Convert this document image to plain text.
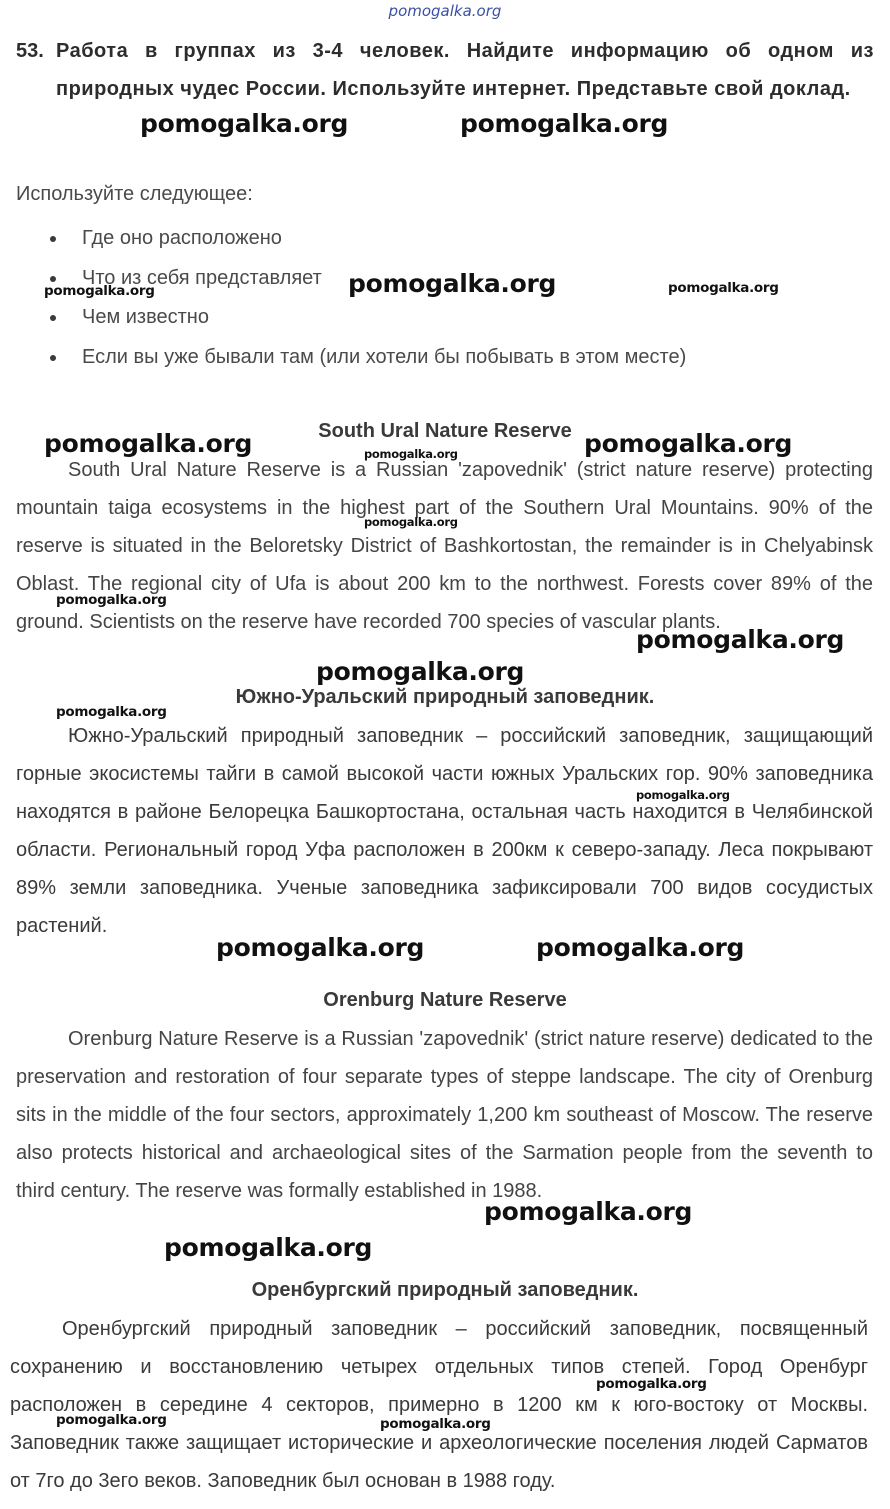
pomogalka.org
53. Работа в группах из 3-4 человек. Найдите информацию об одном из природных чудес России. Используйте интернет. Представьте свой доклад.
Используйте следующее:
Где оно расположено
Что из себя представляет
Чем известно
Если вы уже бывали там (или хотели бы побывать в этом месте)
South Ural Nature Reserve

South Ural Nature Reserve is a Russian 'zapovednik' (strict nature reserve) protecting mountain taiga ecosystems in the highest part of the Southern Ural Mountains. 90% of the reserve is situated in the Beloretsky District of Bashkortostan, the remainder is in Chelyabinsk Oblast. The regional city of Ufa is about 200 km to the northwest. Forests cover 89% of the ground. Scientists on the reserve have recorded 700 species of vascular plants.

Южно-Уральский природный заповедник.

Южно-Уральский природный заповедник – российский заповедник, защищающий горные экосистемы тайги в самой высокой части южных Уральских гор. 90% заповедника находятся в районе Белорецка Башкортостана, остальная часть находится в Челябинской области. Региональный город Уфа расположен в 200км к северо-западу. Леса покрывают 89% земли заповедника. Ученые заповедника зафиксировали 700 видов сосудистых растений.

Orenburg Nature Reserve

Orenburg Nature Reserve is a Russian 'zapovednik' (strict nature reserve) dedicated to the preservation and restoration of four separate types of steppe landscape. The city of Orenburg sits in the middle of the four sectors, approximately 1,200 km southeast of Moscow. The reserve also protects historical and archaeological sites of the Sarmation people from the seventh to third century. The reserve was formally established in 1988.

Оренбургский природный заповедник.

Оренбургский природный заповедник – российский заповедник, посвященный сохранению и восстановлению четырех отдельных типов степей. Город Оренбург расположен в середине 4 секторов, примерно в 1200 км к юго-востоку от Москвы. Заповедник также защищает исторические и археологические поселения людей Сарматов от 7го до 3его веков. Заповедник был основан в 1988 году.

pomogalka.org	pomogalka.org
pomogalka.org
pomogalka.org	pomogalka.org
pomogalka.org	pomogalka.org
pomogalka.org
pomogalka.org
pomogalka.org
pomogalka.org
pomogalka.org
pomogalka.org
pomogalka.org
pomogalka.org	pomogalka.org
pomogalka.org
pomogalka.org
pomogalka.org
pomogalka.org	pomogalka.org
